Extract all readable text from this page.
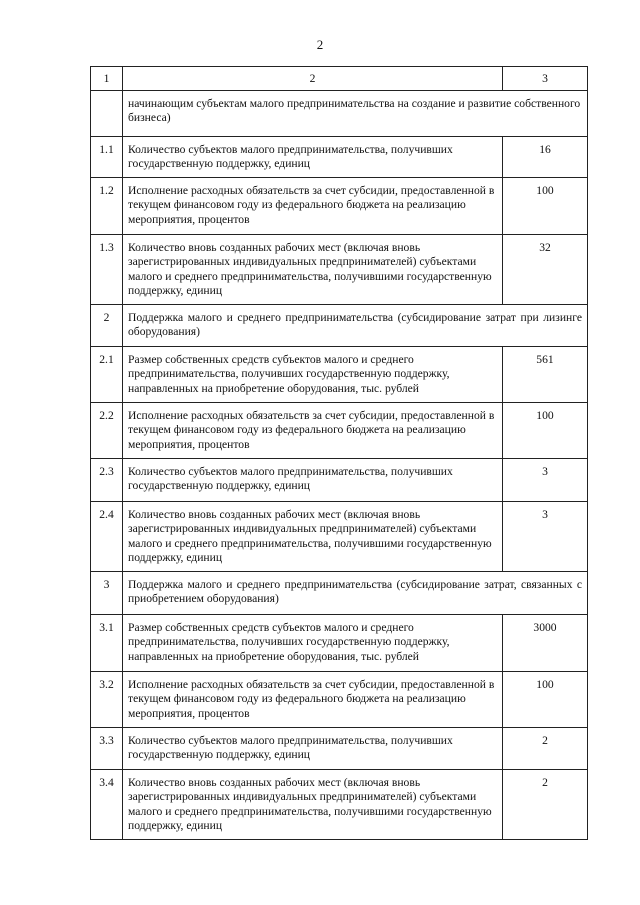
2
1	2	3
	начинающим субъектам малого предпринимательства на создание и развитие собственного бизнеса)	
1.1	Количество субъектов малого предпринимательства, получивших государственную поддержку, единиц	16
1.2	Исполнение расходных обязательств за счет субсидии, предоставленной в текущем финансовом году из федерального бюджета на реализацию мероприятия, процентов	100
1.3	Количество вновь созданных рабочих мест (включая вновь зарегистрированных индивидуальных предпринимателей) субъектами малого и среднего предпринимательства, получившими государственную поддержку, единиц	32
2	Поддержка малого и среднего предпринимательства (субсидирование затрат при лизинге оборудования)	
2.1	Размер собственных средств субъектов малого и среднего предпринимательства, получивших государственную поддержку, направленных на приобретение оборудования, тыс. рублей	561
2.2	Исполнение расходных обязательств за счет субсидии, предоставленной в текущем финансовом году из федерального бюджета на реализацию мероприятия, процентов	100
2.3	Количество субъектов малого предпринимательства, получивших государственную поддержку, единиц	3
2.4	Количество вновь созданных рабочих мест (включая вновь зарегистрированных индивидуальных предпринимателей) субъектами малого и среднего предпринимательства, получившими государственную поддержку, единиц	3
3	Поддержка малого и среднего предпринимательства (субсидирование затрат, связанных с приобретением оборудования)	
3.1	Размер собственных средств субъектов малого и среднего предпринимательства, получивших государственную поддержку, направленных на приобретение оборудования, тыс. рублей	3000
3.2	Исполнение расходных обязательств за счет субсидии, предоставленной в текущем финансовом году из федерального бюджета на реализацию мероприятия, процентов	100
3.3	Количество субъектов малого предпринимательства, получивших государственную поддержку, единиц	2
3.4	Количество вновь созданных рабочих мест (включая вновь зарегистрированных индивидуальных предпринимателей) субъектами малого и среднего предпринимательства, получившими государственную поддержку, единиц	2
